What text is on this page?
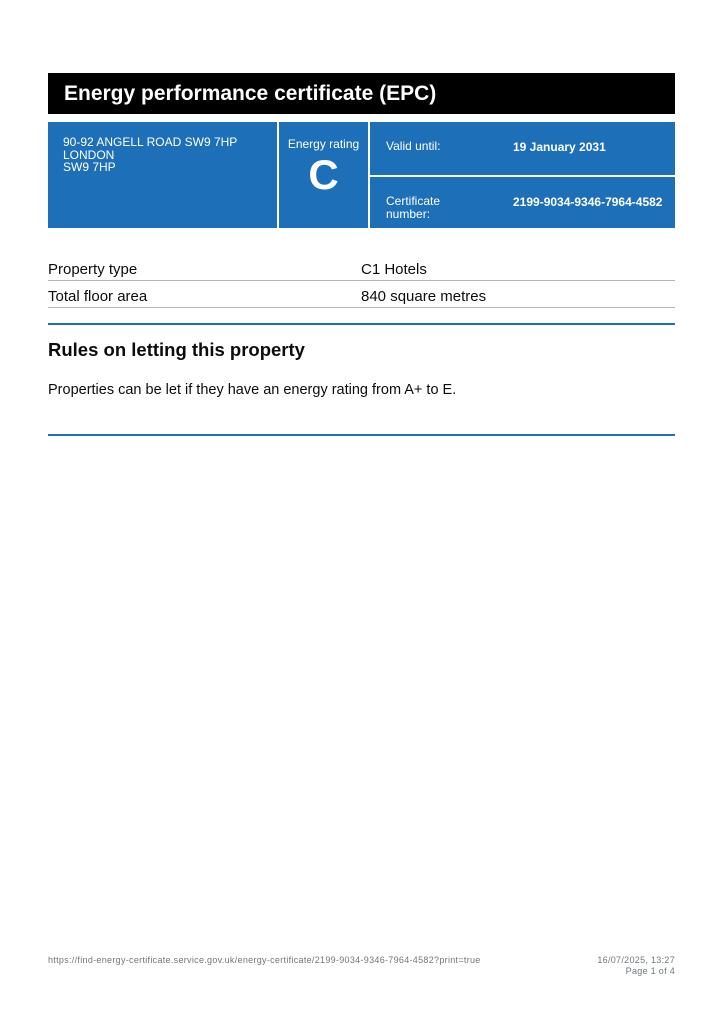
Energy performance certificate (EPC)
90-92 ANGELL ROAD SW9 7HP
LONDON
SW9 7HP
Energy rating
C
Valid until:	19 January 2031
Certificate number:
2199-9034-9346-7964-4582
Property type	C1 Hotels
Total floor area	840 square metres
Rules on letting this property

Properties can be let if they have an energy rating from A+ to E.

https://find-energy-certificate.service.gov.uk/energy-certificate/2199-9034-9346-7964-4582?print=true	16/07/2025, 13:27
Page 1 of 4
